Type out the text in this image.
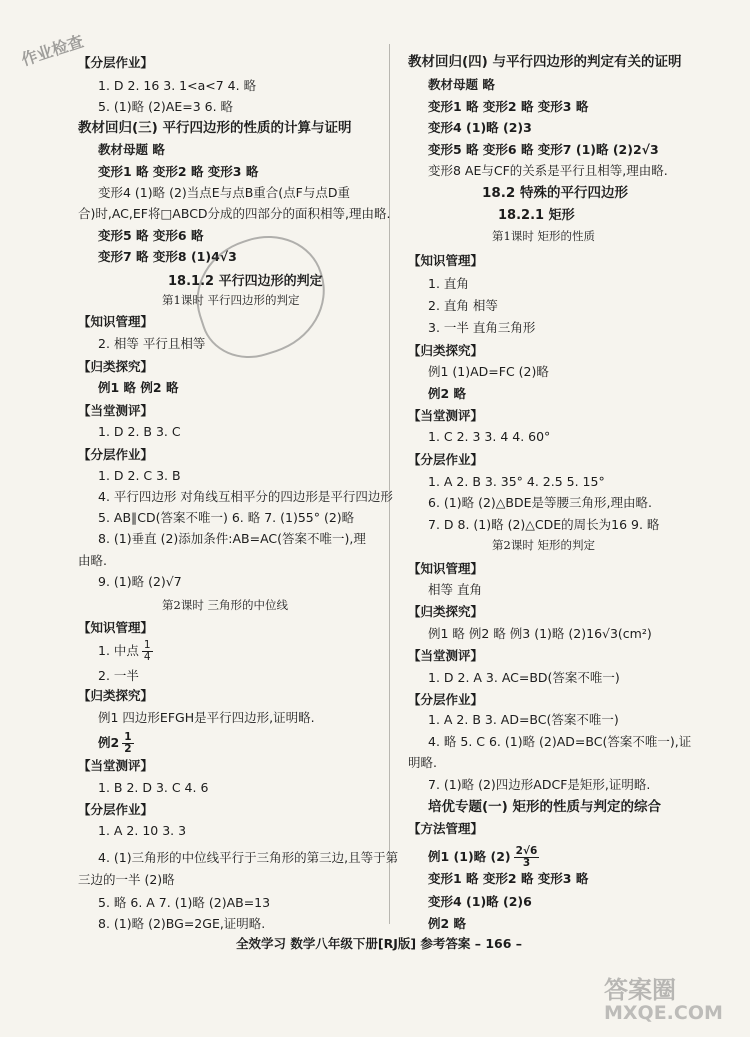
【分层作业】
1. D 2. 16 3. 1<a<7 4. 略
5. (1)略 (2)AE=3 6. 略
教材回归(三) 平行四边形的性质的计算与证明
教材母题 略
变形1 略 变形2 略 变形3 略
变形4 (1)略 (2)当点E与点B重合(点F与点D重
合)时,AC,EF将□ABCD分成的四部分的面积相等,理由略.
变形5 略 变形6 略
变形7 略 变形8 (1)4√3
18.1.2 平行四边形的判定
第1课时 平行四边形的判定
【知识管理】
2. 相等 平行且相等
【归类探究】
例1 略 例2 略
【当堂测评】
1. D 2. B 3. C
【分层作业】
1. D 2. C 3. B
4. 平行四边形 对角线互相平分的四边形是平行四边形
5. AB∥CD(答案不唯一) 6. 略 7. (1)55° (2)略
8. (1)垂直 (2)添加条件:AB=AC(答案不唯一),理
由略.
9. (1)略 (2)√7
第2课时 三角形的中位线
【知识管理】
1. 中点 $\frac{1}{4}$
2. 一半
【归类探究】
例1 四边形EFGH是平行四边形,证明略.
例$2 \frac{1}{2}$
【当堂测评】
1. B 2. D 3. C 4. 6
【分层作业】
1. A 2. 10 3. 3
4. (1)三角形的中位线平行于三角形的第三边,且等于第
三边的一半 (2)略
5. 略 6. A 7. (1)略 (2)AB=13
8. (1)略 (2)BG=2GE,证明略.
教材回归(四) 与平行四边形的判定有关的证明
教材母题 略
变形1 略 变形2 略 变形3 略
变形4 (1)略 (2)3
变形5 略 变形6 略 变形7 (1)略 (2)2√3
变形8 AE与CF的关系是平行且相等,理由略.
18.2 特殊的平行四边形
18.2.1 矩形
第1课时 矩形的性质
【知识管理】
1. 直角
2. 直角 相等
3. 一半 直角三角形
【归类探究】
例1 (1)AD=FC (2)略
例2 略
【当堂测评】
1. C 2. 3 3. 4 4. 60°
【分层作业】
1. A 2. B 3. 35° 4. 2.5 5. 15°
6. (1)略 (2)△BDE是等腰三角形,理由略.
7. D 8. (1)略 (2)△CDE的周长为16 9. 略
第2课时 矩形的判定
【知识管理】
相等 直角
【归类探究】
例1 略 例2 略 例3 (1)略 (2)16√3(cm²)
【当堂测评】
1. D 2. A 3. AC=BD(答案不唯一)
【分层作业】
1. A 2. B 3. AD=BC(答案不唯一)
4. 略 5. C 6. (1)略 (2)AD=BC(答案不唯一),证
明略.
7. (1)略 (2)四边形ADCF是矩形,证明略.
培优专题(一) 矩形的性质与判定的综合
【方法管理】
例1 (1)略 $(2) \frac{2√6}{3}$
变形1 略 变形2 略 变形3 略
变形4 (1)略 (2)6
例2 略
作业检查
全效学习 数学八年级下册[RJ版] 参考答案 – 166 –
答案圈
MXQE.COM
